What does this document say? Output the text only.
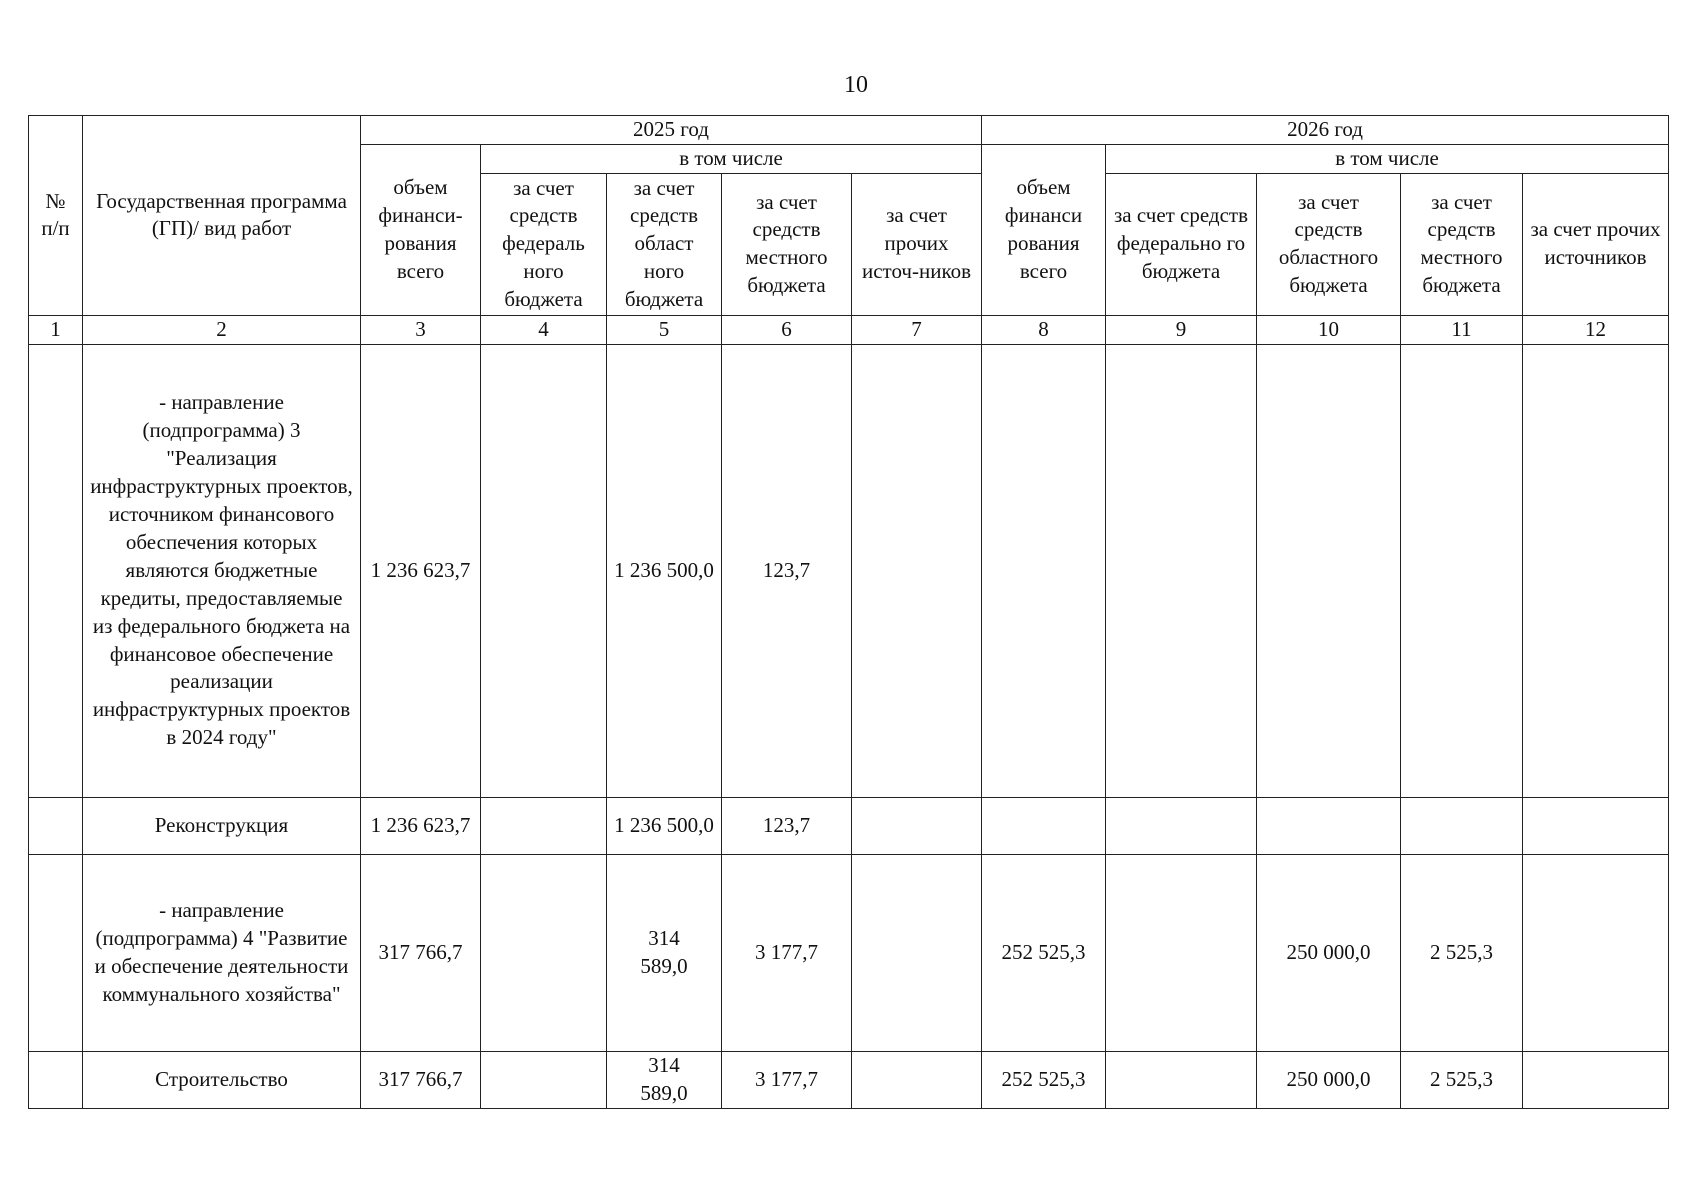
10
№ п/п	Государственная программа (ГП)/ вид работ	2025 год					2026 год				
		объем финанси-рования всего	в том числе				объем финанси рования всего	в том числе			
			за счет средств федераль ного бюджета	за счет средств област ного бюджета	за счет средств местного бюджета	за счет прочих источ-ников		за счет средств федерально го бюджета	за счет средств областного бюджета	за счет средств местного бюджета	за счет прочих источников
1	2	3	4	5	6	7	8	9	10	11	12
	- направление (подпрограмма) 3 "Реализация инфраструктурных проектов, источником финансового обеспечения которых являются бюджетные кредиты, предоставляемые из федерального бюджета на финансовое обеспечение реализации инфраструктурных проектов в 2024 году"	1 236 623,7		1 236 500,0	123,7						
	Реконструкция	1 236 623,7		1 236 500,0	123,7						
	- направление (подпрограмма) 4 "Развитие и обеспечение деятельности коммунального хозяйства"	317 766,7		314 589,0	3 177,7		252 525,3		250 000,0	2 525,3	
	Строительство	317 766,7		314 589,0	3 177,7		252 525,3		250 000,0	2 525,3	
